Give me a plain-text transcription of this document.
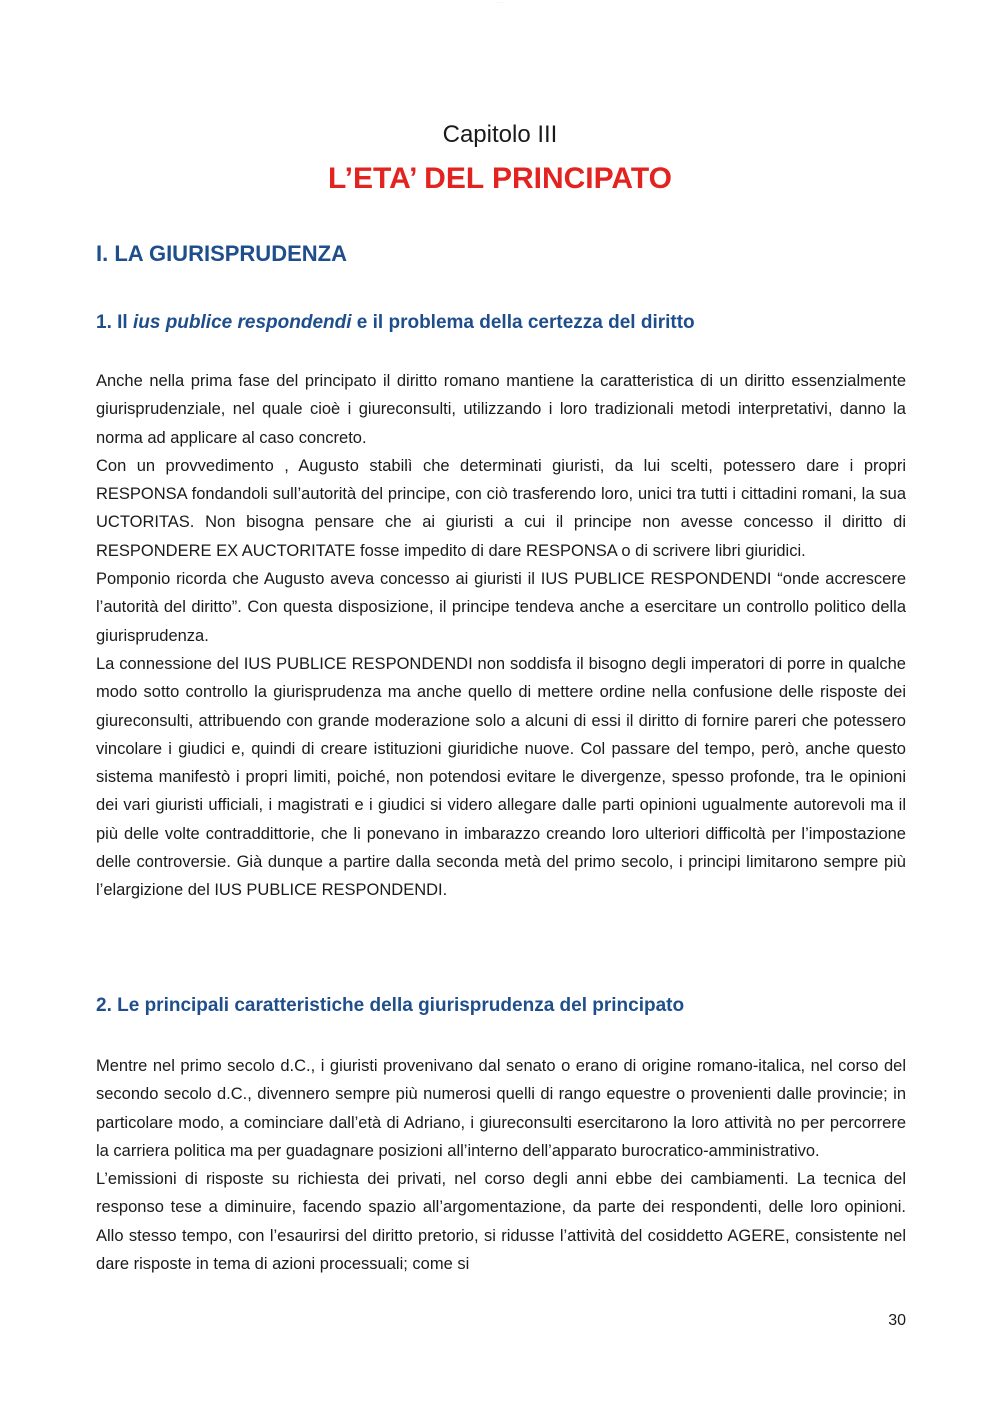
·······
Capitolo III
L’ETA’ DEL PRINCIPATO
I. LA GIURISPRUDENZA
1. Il ius publice respondendi e il problema della certezza del diritto

Anche nella prima fase del principato il diritto romano mantiene la caratteristica di un diritto essenzialmente giurisprudenziale, nel quale cioè i giureconsulti, utilizzando i loro tradizionali metodi interpretativi, danno la norma ad applicare al caso concreto.

Con un provvedimento , Augusto stabilì che determinati giuristi, da lui scelti, potessero dare i propri RESPONSA fondandoli sull’autorità del principe, con ciò trasferendo loro, unici tra tutti i cittadini romani, la sua UCTORITAS. Non bisogna pensare che ai giuristi a cui il principe non avesse concesso il diritto di RESPONDERE EX AUCTORITATE fosse impedito di dare RESPONSA o di scrivere libri giuridici.

Pomponio ricorda che Augusto aveva concesso ai giuristi il IUS PUBLICE RESPONDENDI “onde accrescere l’autorità del diritto”. Con questa disposizione, il principe tendeva anche a esercitare un controllo politico della giurisprudenza.

La connessione del IUS PUBLICE RESPONDENDI non soddisfa il bisogno degli imperatori di porre in qualche modo sotto controllo la giurisprudenza ma anche quello di mettere ordine nella confusione delle risposte dei giureconsulti, attribuendo con grande moderazione solo a alcuni di essi il diritto di fornire pareri che potessero vincolare i giudici e, quindi di creare istituzioni giuridiche nuove. Col passare del tempo, però, anche questo sistema manifestò i propri limiti, poiché, non potendosi evitare le divergenze, spesso profonde, tra le opinioni dei vari giuristi ufficiali, i magistrati e i giudici si videro allegare dalle parti opinioni ugualmente autorevoli ma il più delle volte contraddittorie, che li ponevano in imbarazzo creando loro ulteriori difficoltà per l’impostazione delle controversie. Già dunque a partire dalla seconda metà del primo secolo, i principi limitarono sempre più l’elargizione del IUS PUBLICE RESPONDENDI.

2. Le principali caratteristiche della giurisprudenza del principato

Mentre nel primo secolo d.C., i giuristi provenivano dal senato o erano di origine romano-italica, nel corso del secondo secolo d.C., divennero sempre più numerosi quelli di rango equestre o provenienti dalle provincie; in particolare modo, a cominciare dall’età di Adriano, i giureconsulti esercitarono la loro attività no per percorrere la carriera politica ma per guadagnare posizioni all’interno dell’apparato burocratico-amministrativo.

L’emissioni di risposte su richiesta dei privati, nel corso degli anni ebbe dei cambiamenti. La tecnica del responso tese a diminuire, facendo spazio all’argomentazione, da parte dei respondenti, delle loro opinioni. Allo stesso tempo, con l’esaurirsi del diritto pretorio, si ridusse l’attività del cosiddetto AGERE, consistente nel dare risposte in tema di azioni processuali; come si

30
